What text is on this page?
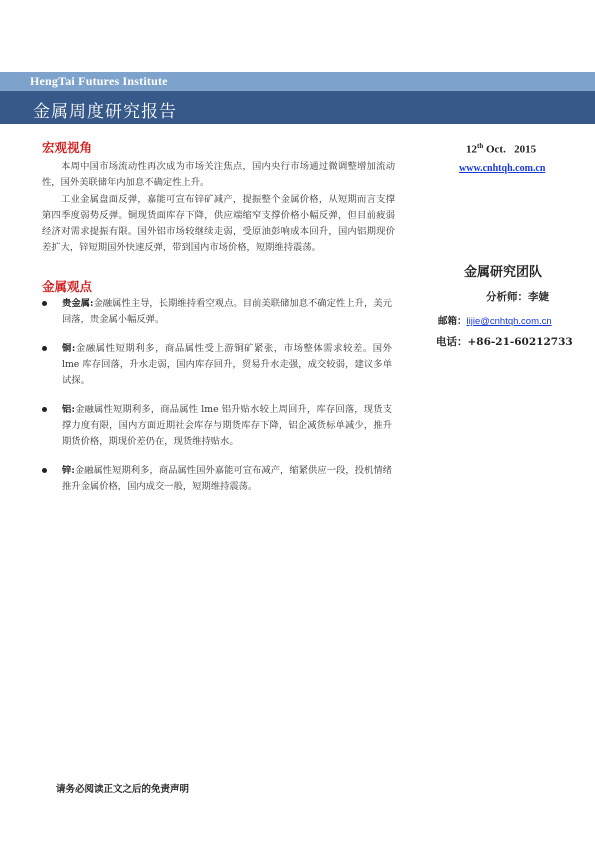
HengTai Futures Institute
金属周度研究报告
宏观视角

本周中国市场流动性再次成为市场关注焦点，国内央行市场通过微调整增加流动性，国外美联储年内加息不确定性上升。

工业金属盘面反弹，嘉能可宣布锌矿减产，提振整个金属价格，从短期而言支撑第四季度弱势反弹。铜现货面库存下降，供应端缩窄支撑价格小幅反弹，但目前疲弱经济对需求提振有限。国外铝市场较继续走弱，受原油彭响成本回升，国内铝期现价差扩大，锌短期国外快速反弹，带到国内市场价格，短期维持震荡。

金属观点
贵金属:金融属性主导，长期维持看空观点。目前美联储加息不确定性上升，美元回落，贵金属小幅反弹。
铜:金融属性短期利多，商品属性受上游铜矿紧张，市场整体需求较差。国外 lme 库存回落，升水走弱，国内库存回升，贸易升水走强，成交较弱，建议多单试探。
铝:金融属性短期利多，商品属性 lme 铝升贴水较上周回升，库存回落，现货支撑力度有限，国内方面近期社会库存与期货库存下降，铝企减货标单减少，推升期货价格，期现价差仍在，现货维持贴水。
锌:金融属性短期利多，商品属性国外嘉能可宣布减产，缩紧供应一段，投机情绪推升金属价格，国内成交一般，短期维持震荡。
12th Oct.   2015
www.cnhtqh.com.cn
金属研究团队
分析师：李婕
邮箱：lijie@cnhtqh.com.cn
电话：+86-21-60212733
请务必阅读正文之后的免责声明
